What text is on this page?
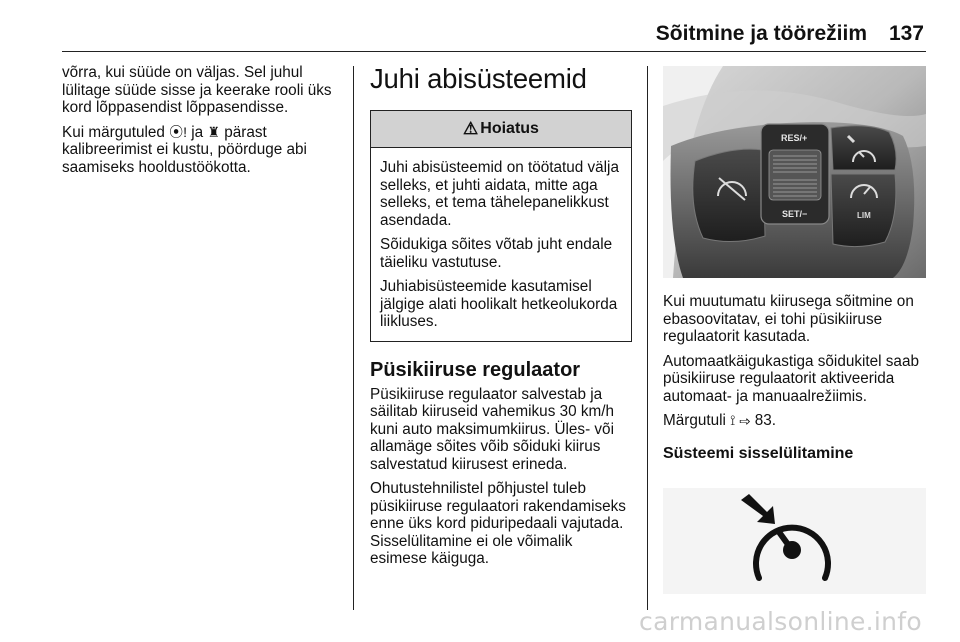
Sõitmine ja töörežiim 137

võrra, kui süüde on väljas. Sel juhul lülitage süüde sisse ja keerake rooli üks kord lõppasendist lõppasendisse.

Kui märgutuled ⦿! ja ♜ pärast kalibreerimist ei kustu, pöörduge abi saamiseks hooldustöökotta.

Juhi abisüsteemid
⚠ Hoiatus

Juhi abisüsteemid on töötatud välja selleks, et juhti aidata, mitte aga selleks, et tema tähelepanelikkust asendada.

Sõidukiga sõites võtab juht endale täieliku vastutuse.

Juhiabisüsteemide kasutamisel jälgige alati hoolikalt hetkeolukorda liikluses.

Püsikiiruse regulaator

Püsikiiruse regulaator salvestab ja säilitab kiiruseid vahemikus 30 km/h kuni auto maksimumkiirus. Üles- või allamäge sõites võib sõiduki kiirus salvestatud kiirusest erineda.

Ohutustehnilistel põhjustel tuleb püsikiiruse regulaatori rakendamiseks enne üks kord piduripedaali vajutada.

Sisselülitamine ei ole võimalik esimese käiguga.

RES/+
SET/−	LIM

Kui muutumatu kiirusega sõitmine on ebasoovitatav, ei tohi püsikiiruse regulaatorit kasutada.

Automaatkäigukastiga sõidukitel saab püsikiiruse regulaatorit aktiveerida automaat- ja manuaalrežiimis.

Märgutuli ⟟ ⇨ 83.

Süsteemi sisselülitamine
carmanualsonline.info
